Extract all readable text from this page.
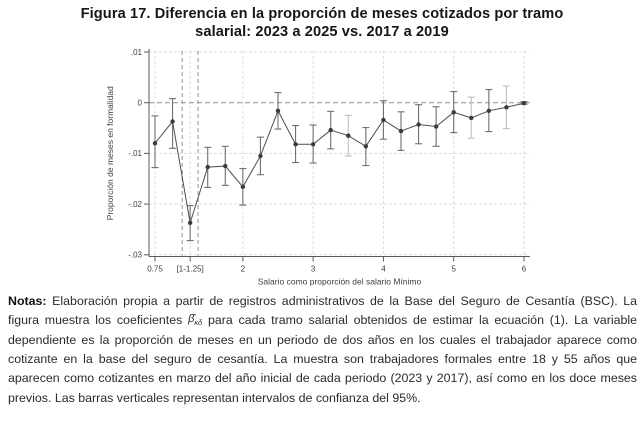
Figura 17. Diferencia en la proporción de meses cotizados por tramo
salarial: 2023 a 2025 vs. 2017 a 2019
.01
0
-.01
-.02
-.03
0.75 [1-1.25]	2	3	4	5	6
Salario como proporción del salario Mínimo
Proporción de meses en formalidad
Notas: Elaboración propia a partir de registros administrativos de la Base del Seguro de Cesantía (BSC). La figura muestra los coeficientes $\betâ_{\kappa\delta}$ para cada tramo salarial obtenidos de estimar la ecuación (1). La variable dependiente es la proporción de meses en un periodo de dos años en los cuales el trabajador aparece como cotizante en la base del seguro de cesantía. La muestra son trabajadores formales entre 18 y 55 años que aparecen como cotizantes en marzo del año inicial de cada periodo (2023 y 2017), así como en los doce meses previos. Las barras verticales representan intervalos de confianza del 95%.
